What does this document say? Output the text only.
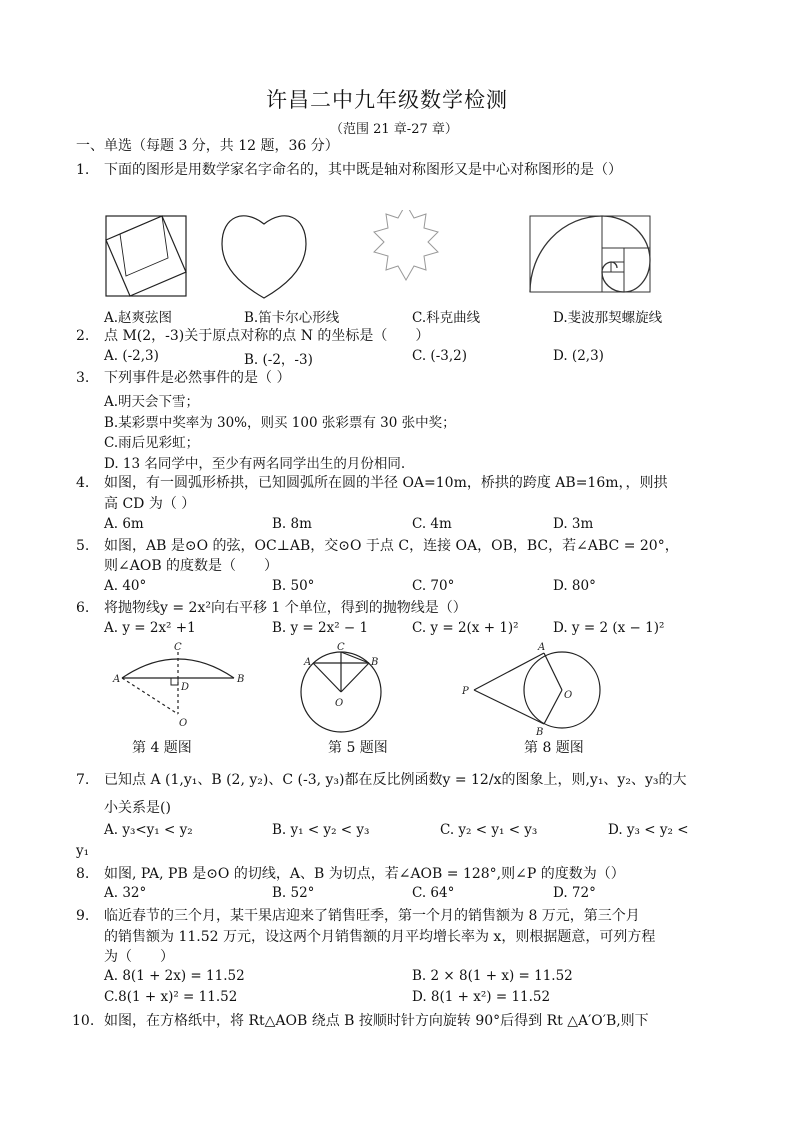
许昌二中九年级数学检测
（范围 21 章-27 章）
一、单选（每题 3 分，共 12 题，36 分）
1. 下面的图形是用数学家名字命名的，其中既是轴对称图形又是中心对称图形的是（）
A.赵爽弦图	B.笛卡尔心形线	C.科克曲线	D.斐波那契螺旋线
2. 点 M(2，-3)关于原点对称的点 N 的坐标是（　　）
A. (-2,3)	B. (-2，-3)	C. (-3,2)	D. (2,3)
3. 下列事件是必然事件的是（ ）
A.明天会下雪；
B.某彩票中奖率为 30%，则买 100 张彩票有 30 张中奖；
C.雨后见彩虹；
D. 13 名同学中，至少有两名同学出生的月份相同.
4. 如图，有一圆弧形桥拱，已知圆弧所在圆的半径 OA=10m，桥拱的跨度 AB=16m，，则拱
高 CD 为（ ）
A. 6m	B. 8m	C. 4m	D. 3m
5. 如图，AB 是⊙O 的弦，OC⊥AB，交⊙O 于点 C，连接 OA，OB，BC，若∠ABC = 20°，
则∠AOB 的度数是（　　）
A. 40°	B. 50°	C. 70°	D. 80°
6. 将抛物线y = 2x²向右平移 1 个单位，得到的抛物线是（）
A. y = 2x² +1	B. y = 2x² − 1	C. y = 2(x + 1)²	D. y = 2 (x − 1)²
C
A
D
B
O
C
A	B
O
A
P	O
B
第 4 题图	第 5 题图	第 8 题图
7. 已知点 A (1,y₁、B (2, y₂)、C (-3, y₃)都在反比例函数y = 12/x的图象上，则,y₁、y₂、y₃的大
小关系是()
A. y₃<y₁ < y₂	B. y₁ < y₂ < y₃	C. y₂ < y₁ < y₃	D. y₃ < y₂ <
y₁
8. 如图, PA, PB 是⊙O 的切线，A、B 为切点，若∠AOB = 128°,则∠P 的度数为（）
A. 32°	B. 52°	C. 64°	D. 72°
9. 临近春节的三个月，某干果店迎来了销售旺季，第一个月的销售额为 8 万元，第三个月
的销售额为 11.52 万元，设这两个月销售额的月平均增长率为 x，则根据题意，可列方程
为（　　）
A. 8(1 + 2x) = 11.52	B. 2 × 8(1 + x) = 11.52
C.8(1 + x)² = 11.52	D. 8(1 + x²) = 11.52
10. 如图，在方格纸中，将 Rt△AOB 绕点 B 按顺时针方向旋转 90°后得到 Rt △A′O′B,则下
